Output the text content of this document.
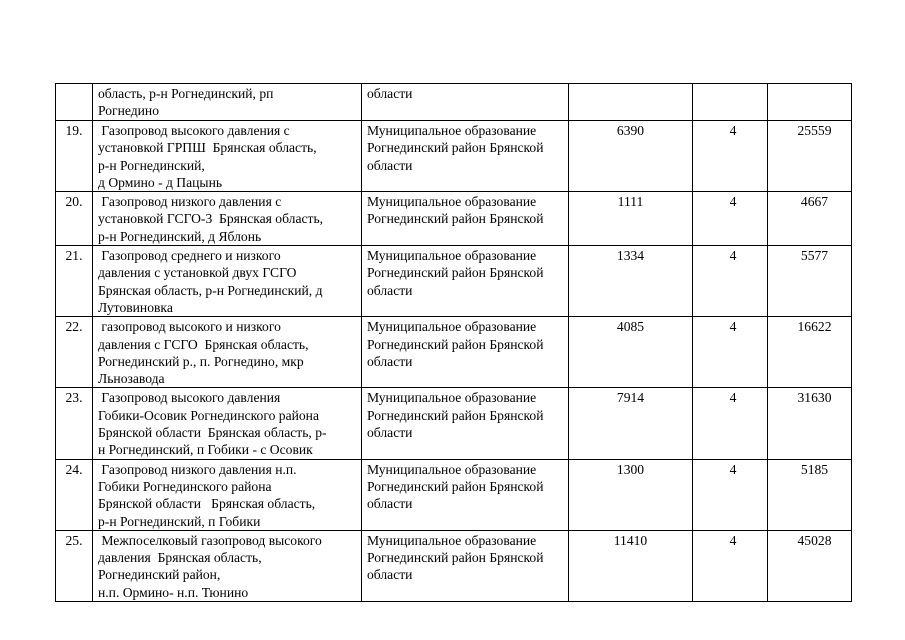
	область, р-н Рогнединский, рп
Рогнедино	области			

19.	Газопровод высокого давления с
установкой ГРПШ  Брянская область,
р-н Рогнединский,
д Ормино - д Пацынь	Муниципальное образование
Рогнединский район Брянской
области	6390	4	25559
20.	Газопровод низкого давления с
установкой ГСГО-3  Брянская область,
р-н Рогнединский, д Яблонь	Муниципальное образование
Рогнединский район Брянской	1111	4	4667
21.	Газопровод среднего и низкого
давления с установкой двух ГСГО
Брянская область, р-н Рогнединский, д
Лутовиновка	Муниципальное образование
Рогнединский район Брянской
области	1334	4	5577
22.	газопровод высокого и низкого
давления с ГСГО  Брянская область,
Рогнединский р., п. Рогнедино, мкр
Льнозавода	Муниципальное образование
Рогнединский район Брянской
области	4085	4	16622
23.	Газопровод высокого давления
Гобики-Осовик Рогнединского района
Брянской области  Брянская область, р-
н Рогнединский, п Гобики - с Осовик	Муниципальное образование
Рогнединский район Брянской
области	7914	4	31630
24.	Газопровод низкого давления н.п.
Гобики Рогнединского района
Брянской области   Брянская область,
р-н Рогнединский, п Гобики	Муниципальное образование
Рогнединский район Брянской
области	1300	4	5185
25.	Межпоселковый газопровод высокого
давления  Брянская область,
Рогнединский район,
н.п. Ормино- н.п. Тюнино	Муниципальное образование
Рогнединский район Брянской
области	11410	4	45028
